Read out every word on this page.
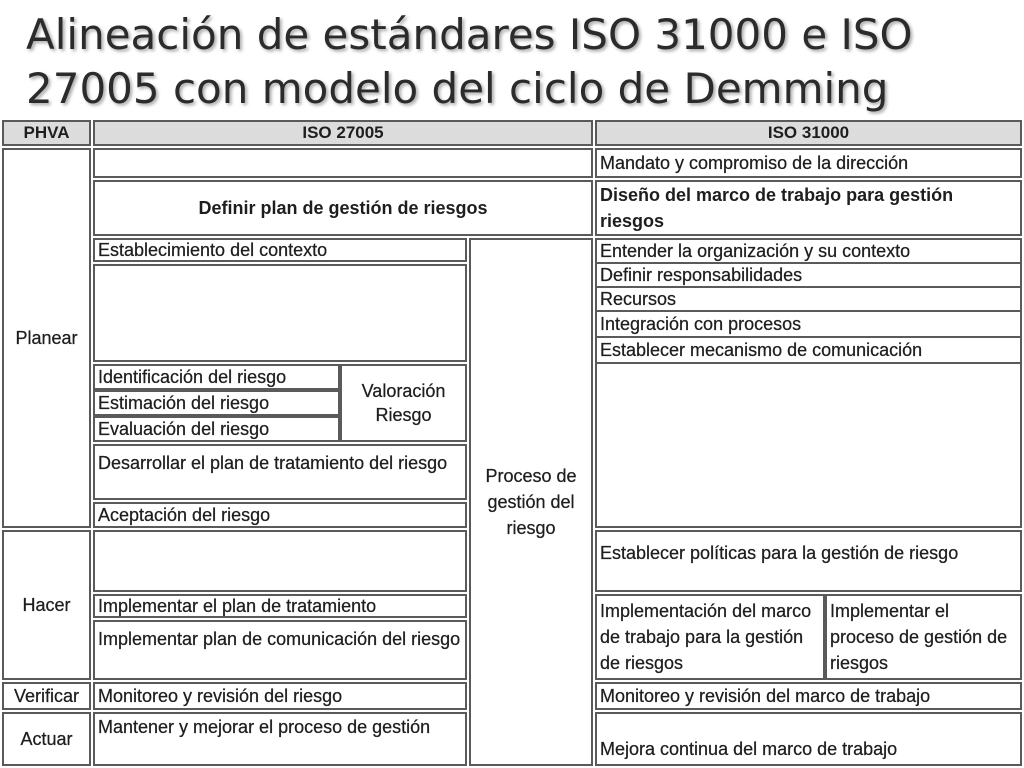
Alineación de estándares ISO 31000 e ISO
27005 con modelo del ciclo de Demming
PHVA	ISO 27005	ISO 31000
Planear
Hacer
Verificar
Actuar
Definir plan de gestión de riesgos
Establecimiento del contexto
Identificación del riesgo
Estimación del riesgo
Evaluación del riesgo
Valoración Riesgo
Desarrollar el plan de tratamiento del riesgo
Aceptación del riesgo
Proceso de gestión del riesgo
Implementar el plan de tratamiento
Implementar plan de comunicación del riesgo
Monitoreo y revisión del riesgo
Mantener y mejorar el proceso de gestión
Mandato y compromiso de la dirección
Diseño del marco de trabajo para gestión riesgos
Entender la organización y su contexto
Definir responsabilidades
Recursos
Integración con procesos
Establecer mecanismo de comunicación
Establecer políticas para la gestión de riesgo
Implementación del marco de trabajo para la gestión de riesgos
Implementar el proceso de gestión de riesgos
Monitoreo y revisión del marco de trabajo
Mejora continua del marco de trabajo
